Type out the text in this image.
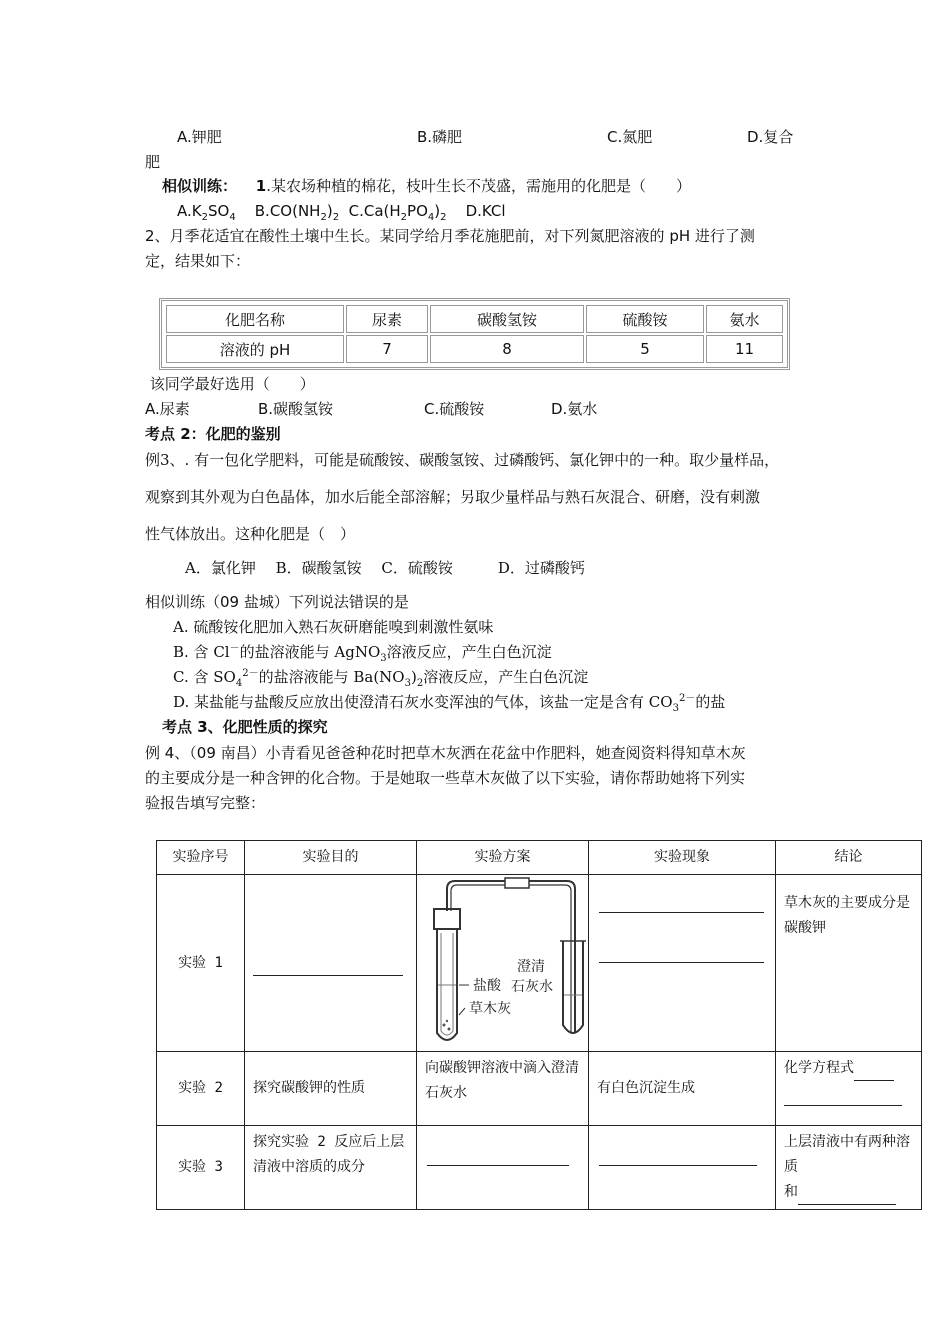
A.钾肥	B.磷肥	C.氮肥	D.复合
肥
相似训练： 1.某农场种植的棉花，枝叶生长不茂盛，需施用的化肥是（　　）
$A.K_2SO_4$ $B.CO(NH_2)_2$ $C.Ca(H_2PO_4)_2$ D.KCl
2、月季花适宜在酸性土壤中生长。某同学给月季花施肥前，对下列氮肥溶液的 pH 进行了测
定，结果如下：
化肥名称	尿素	碳酸氢铵	硫酸铵	氨水
溶液的 pH	7	8	5	11
该同学最好选用（　　）
A.尿素	B.碳酸氢铵	C.硫酸铵	D.氨水
考点 2：化肥的鉴别
例3、. 有一包化学肥料，可能是硫酸铵、碳酸氢铵、过磷酸钙、氯化钾中的一种。取少量样品，
观察到其外观为白色晶体，加水后能全部溶解；另取少量样品与熟石灰混合、研磨，没有刺激
性气体放出。这种化肥是（　）
A．氯化钾　 B．碳酸氢铵　 C．硫酸铵　　　D．过磷酸钙
相似训练（09 盐城）下列说法错误的是
A. 硫酸铵化肥加入熟石灰研磨能嗅到刺激性氨味
B. 含 Cl－的盐溶液能与 AgNO$_3$溶液反应，产生白色沉淀
C. 含 $SO_4^{2-}$的盐溶液能与 $Ba(NO_3)_2$溶液反应，产生白色沉淀
D. 某盐能与盐酸反应放出使澄清石灰水变浑浊的气体，该盐一定是含有 $CO_3^{2-}$的盐
考点 3、化肥性质的探究
例 4、（09 南昌）小青看见爸爸种花时把草木灰洒在花盆中作肥料，她查阅资料得知草木灰
的主要成分是一种含钾的化合物。于是她取一些草木灰做了以下实验，请你帮助她将下列实
验报告填写完整：
实验序号	实验目的	实验方案	实验现象	结论
实验 1		盐酸
草木灰
澄清
石灰水		草木灰的主要成分是碳酸钾
实验 2	探究碳酸钾的性质	向碳酸钾溶液中滴入澄清石灰水	有白色沉淀生成	化学方程式

实验 3	探究实验 2 反应后上层清液中溶质的成分			上层清液中有两种溶质
和
